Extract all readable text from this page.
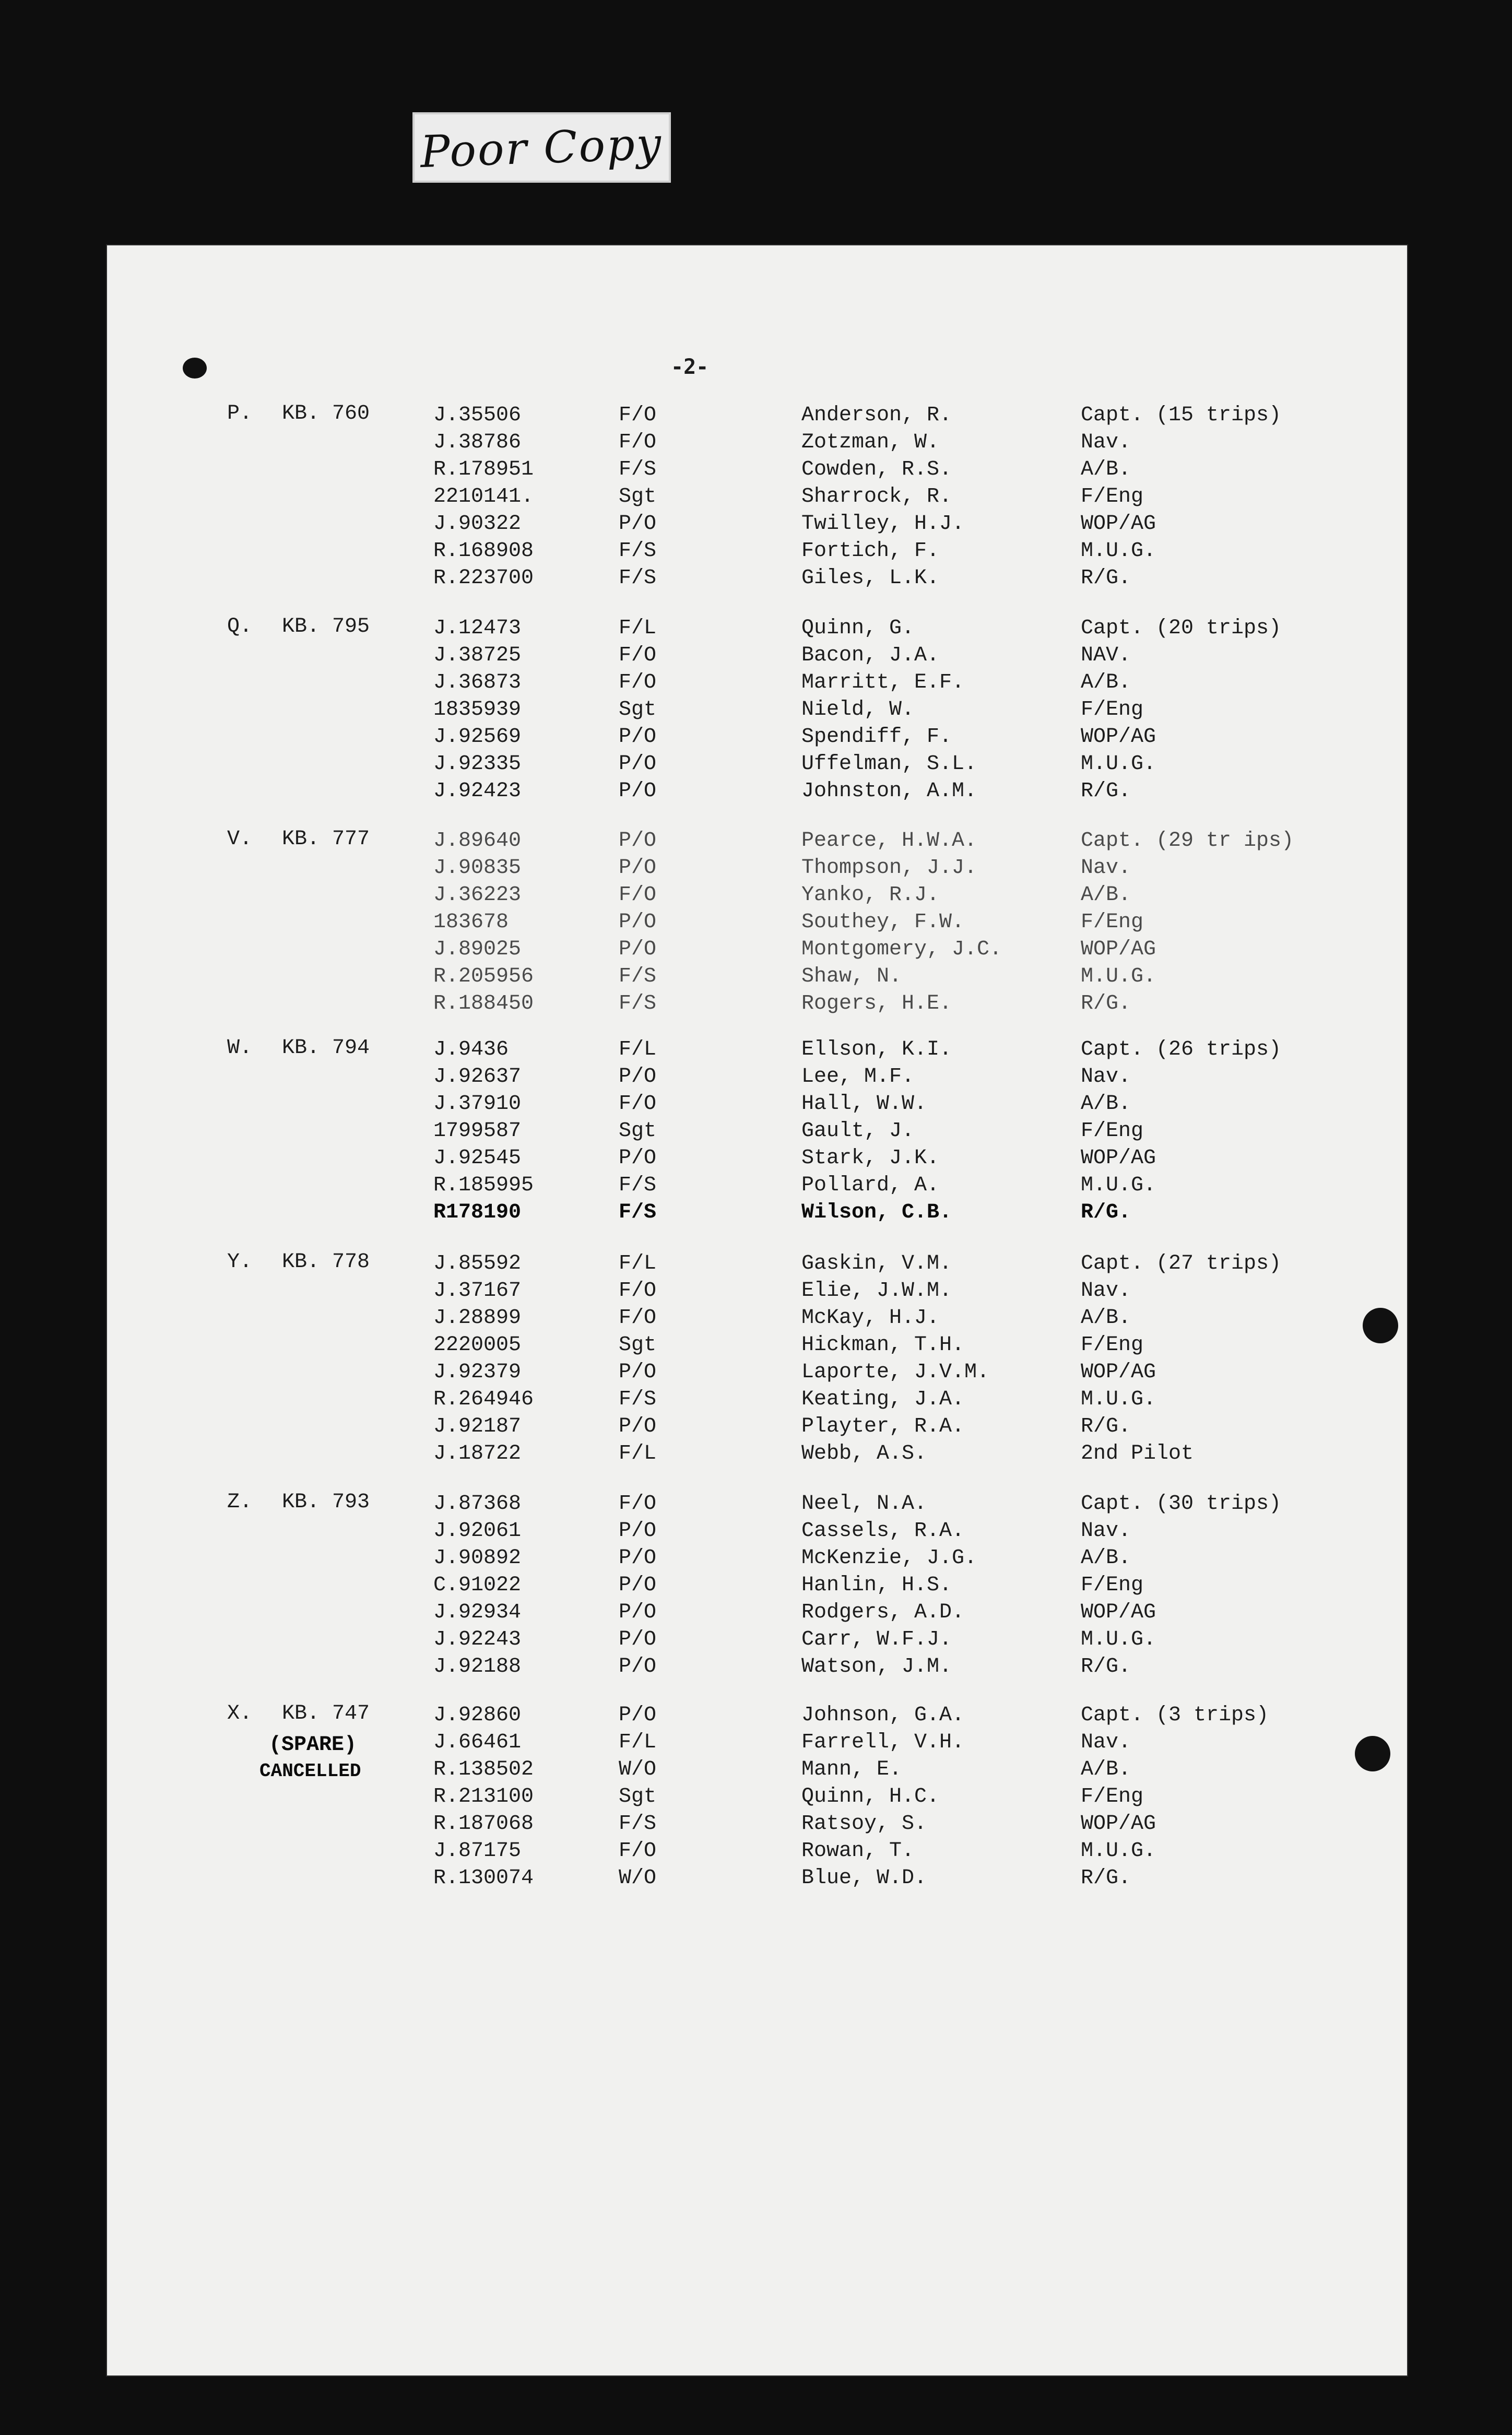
Poor Copy
-2-
P. KB. 760	J.35506	F/O	Anderson, R.	Capt. (15 trips)
J.38786	F/O	Zotzman, W.	Nav.
R.178951	F/S	Cowden, R.S.	A/B.
2210141.	Sgt	Sharrock, R.	F/Eng
J.90322	P/O	Twilley, H.J.	WOP/AG
R.168908	F/S	Fortich, F.	M.U.G.
R.223700	F/S	Giles, L.K.	R/G.
Q. KB. 795	J.12473	F/L	Quinn, G.	Capt. (20 trips)
J.38725	F/O	Bacon, J.A.	NAV.
J.36873	F/O	Marritt, E.F.	A/B.
1835939	Sgt	Nield, W.	F/Eng
J.92569	P/O	Spendiff, F.	WOP/AG
J.92335	P/O	Uffelman, S.L.	M.U.G.
J.92423	P/O	Johnston, A.M.	R/G.
V. KB. 777	J.89640	P/O	Pearce, H.W.A.	Capt. (29 tr ips)
J.90835	P/O	Thompson, J.J.	Nav.
J.36223	F/O	Yanko, R.J.	A/B.
183678	P/O	Southey, F.W.	F/Eng
J.89025	P/O	Montgomery, J.C.	WOP/AG
R.205956	F/S	Shaw, N.	M.U.G.
R.188450	F/S	Rogers, H.E.	R/G.
W. KB. 794	J.9436	F/L	Ellson, K.I.	Capt. (26 trips)
J.92637	P/O	Lee, M.F.	Nav.
J.37910	F/O	Hall, W.W.	A/B.
1799587	Sgt	Gault, J.	F/Eng
J.92545	P/O	Stark, J.K.	WOP/AG
R.185995	F/S	Pollard, A.	M.U.G.
R178190	F/S	Wilson, C.B.	R/G.
Y. KB. 778	J.85592	F/L	Gaskin, V.M.	Capt. (27 trips)
J.37167	F/O	Elie, J.W.M.	Nav.
J.28899	F/O	McKay, H.J.	A/B.
2220005	Sgt	Hickman, T.H.	F/Eng
J.92379	P/O	Laporte, J.V.M.	WOP/AG
R.264946	F/S	Keating, J.A.	M.U.G.
J.92187	P/O	Playter, R.A.	R/G.
J.18722	F/L	Webb, A.S.	2nd Pilot
Z. KB. 793	J.87368	F/O	Neel, N.A.	Capt. (30 trips)
J.92061	P/O	Cassels, R.A.	Nav.
J.90892	P/O	McKenzie, J.G.	A/B.
C.91022	P/O	Hanlin, H.S.	F/Eng
J.92934	P/O	Rodgers, A.D.	WOP/AG
J.92243	P/O	Carr, W.F.J.	M.U.G.
J.92188	P/O	Watson, J.M.	R/G.
X. KB. 747
(SPARE)
CANCELLED
J.92860	P/O	Johnson, G.A.	Capt. (3 trips)
J.66461	F/L	Farrell, V.H.	Nav.
R.138502	W/O	Mann, E.	A/B.
R.213100	Sgt	Quinn, H.C.	F/Eng
R.187068	F/S	Ratsoy, S.	WOP/AG
J.87175	F/O	Rowan, T.	M.U.G.
R.130074	W/O	Blue, W.D.	R/G.
